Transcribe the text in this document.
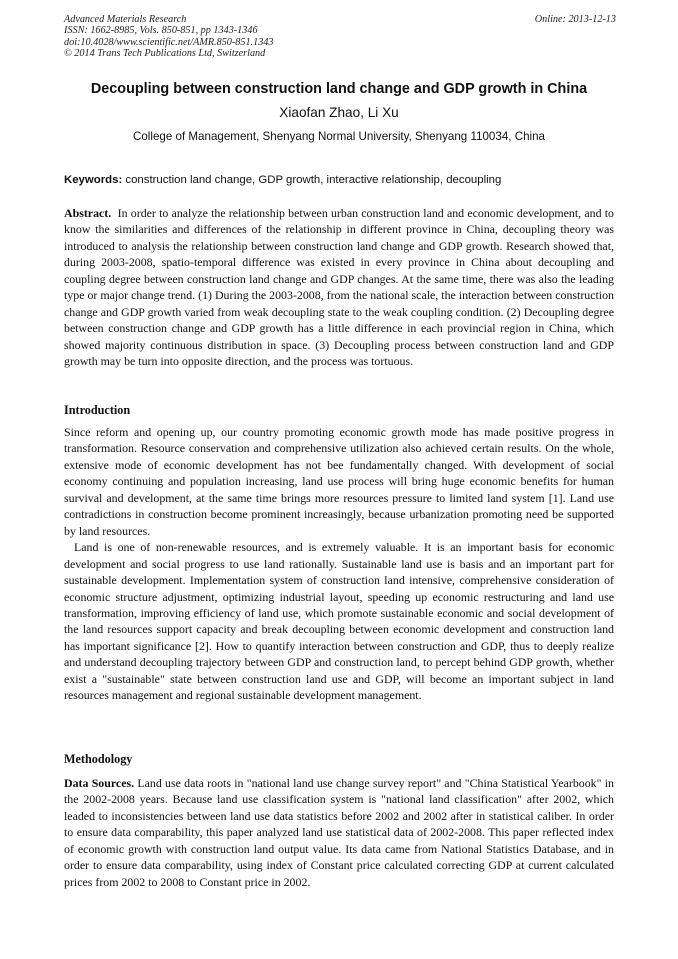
Advanced Materials Research
ISSN: 1662-8985, Vols. 850-851, pp 1343-1346
doi:10.4028/www.scientific.net/AMR.850-851.1343
© 2014 Trans Tech Publications Ltd, Switzerland
Online: 2013-12-13
Decoupling between construction land change and GDP growth in China
Xiaofan Zhao, Li Xu
College of Management, Shenyang Normal University, Shenyang 110034, China
Keywords: construction land change, GDP growth, interactive relationship, decoupling

Abstract. In order to analyze the relationship between urban construction land and economic development, and to know the similarities and differences of the relationship in different province in China, decoupling theory was introduced to analysis the relationship between construction land change and GDP growth. Research showed that, during 2003-2008, spatio-temporal difference was existed in every province in China about decoupling and coupling degree between construction land change and GDP changes. At the same time, there was also the leading type or major change trend. (1) During the 2003-2008, from the national scale, the interaction between construction change and GDP growth varied from weak decoupling state to the weak coupling condition. (2) Decoupling degree between construction change and GDP growth has a little difference in each provincial region in China, which showed majority continuous distribution in space. (3) Decoupling process between construction land and GDP growth may be turn into opposite direction, and the process was tortuous.

Introduction

Since reform and opening up, our country promoting economic growth mode has made positive progress in transformation. Resource conservation and comprehensive utilization also achieved certain results. On the whole, extensive mode of economic development has not bee fundamentally changed. With development of social economy continuing and population increasing, land use process will bring huge economic benefits for human survival and development, at the same time brings more resources pressure to limited land system [1]. Land use contradictions in construction become prominent increasingly, because urbanization promoting need be supported by land resources.

Land is one of non-renewable resources, and is extremely valuable. It is an important basis for economic development and social progress to use land rationally. Sustainable land use is basis and an important part for sustainable development. Implementation system of construction land intensive, comprehensive consideration of economic structure adjustment, optimizing industrial layout, speeding up economic restructuring and land use transformation, improving efficiency of land use, which promote sustainable economic and social development of the land resources support capacity and break decoupling between economic development and construction land has important significance [2]. How to quantify interaction between construction and GDP, thus to deeply realize and understand decoupling trajectory between GDP and construction land, to percept behind GDP growth, whether exist a "sustainable" state between construction land use and GDP, will become an important subject in land resources management and regional sustainable development management.

Methodology

Data Sources. Land use data roots in "national land use change survey report" and "China Statistical Yearbook" in the 2002-2008 years. Because land use classification system is "national land classification" after 2002, which leaded to inconsistencies between land use data statistics before 2002 and 2002 after in statistical caliber. In order to ensure data comparability, this paper analyzed land use statistical data of 2002-2008. This paper reflected index of economic growth with construction land output value. Its data came from National Statistics Database, and in order to ensure data comparability, using index of Constant price calculated correcting GDP at current calculated prices from 2002 to 2008 to Constant price in 2002.
